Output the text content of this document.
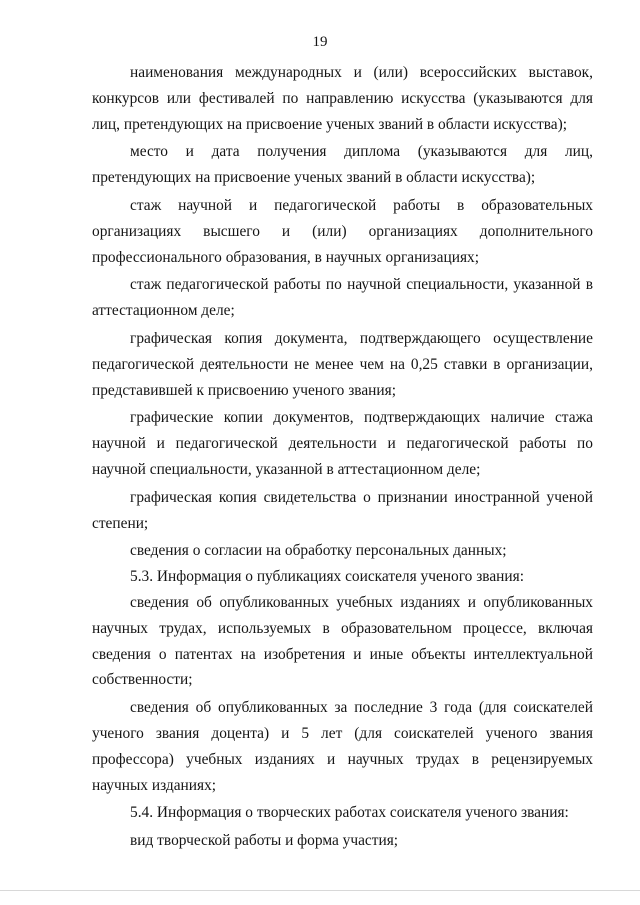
19

наименования международных и (или) всероссийских выставок, конкурсов или фестивалей по направлению искусства (указываются для лиц, претендующих на присвоение ученых званий в области искусства);

место и дата получения диплома (указываются для лиц, претендующих на присвоение ученых званий в области искусства);

стаж научной и педагогической работы в образовательных организациях высшего и (или) организациях дополнительного профессионального образования, в научных организациях;

стаж педагогической работы по научной специальности, указанной в аттестационном деле;

графическая копия документа, подтверждающего осуществление педагогической деятельности не менее чем на 0,25 ставки в организации, представившей к присвоению ученого звания;

графические копии документов, подтверждающих наличие стажа научной и педагогической деятельности и педагогической работы по научной специальности, указанной в аттестационном деле;

графическая копия свидетельства о признании иностранной ученой степени;

сведения о согласии на обработку персональных данных;

5.3. Информация о публикациях соискателя ученого звания:

сведения об опубликованных учебных изданиях и опубликованных научных трудах, используемых в образовательном процессе, включая сведения о патентах на изобретения и иные объекты интеллектуальной собственности;

сведения об опубликованных за последние 3 года (для соискателей ученого звания доцента) и 5 лет (для соискателей ученого звания профессора) учебных изданиях и научных трудах в рецензируемых научных изданиях;

5.4. Информация о творческих работах соискателя ученого звания:

вид творческой работы и форма участия;
